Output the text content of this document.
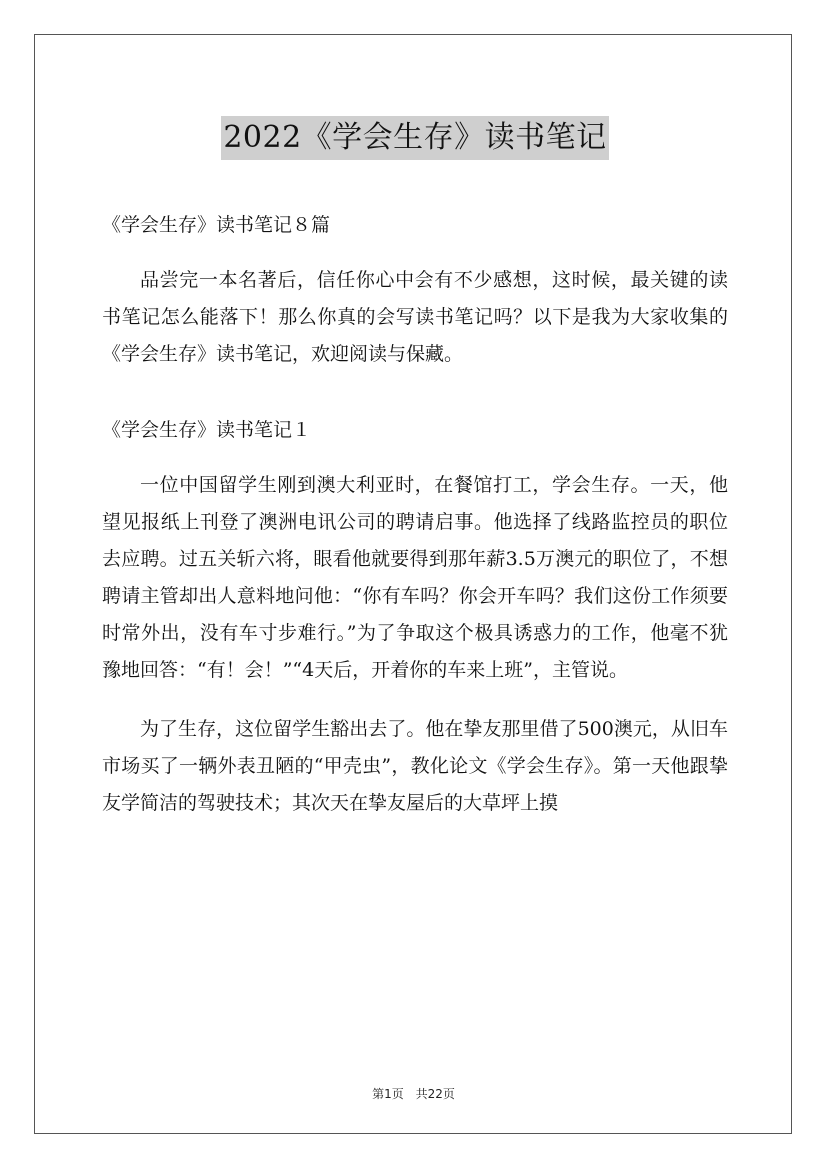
2022《学会生存》读书笔记

《学会生存》读书笔记８篇

品尝完一本名著后，信任你心中会有不少感想，这时候，最关键的读书笔记怎么能落下！那么你真的会写读书笔记吗？以下是我为大家收集的《学会生存》读书笔记，欢迎阅读与保藏。

《学会生存》读书笔记１

一位中国留学生刚到澳大利亚时，在餐馆打工，学会生存。一天，他望见报纸上刊登了澳洲电讯公司的聘请启事。他选择了线路监控员的职位去应聘。过五关斩六将，眼看他就要得到那年薪3.5万澳元的职位了，不想聘请主管却出人意料地问他：“你有车吗？你会开车吗？我们这份工作须要时常外出，没有车寸步难行。”为了争取这个极具诱惑力的工作，他毫不犹豫地回答：“有！会！”“4天后，开着你的车来上班”，主管说。

为了生存，这位留学生豁出去了。他在挚友那里借了500澳元，从旧车市场买了一辆外表丑陋的“甲壳虫”，教化论文《学会生存》。第一天他跟挚友学简洁的驾驶技术；其次天在挚友屋后的大草坪上摸

第1页 共22页
